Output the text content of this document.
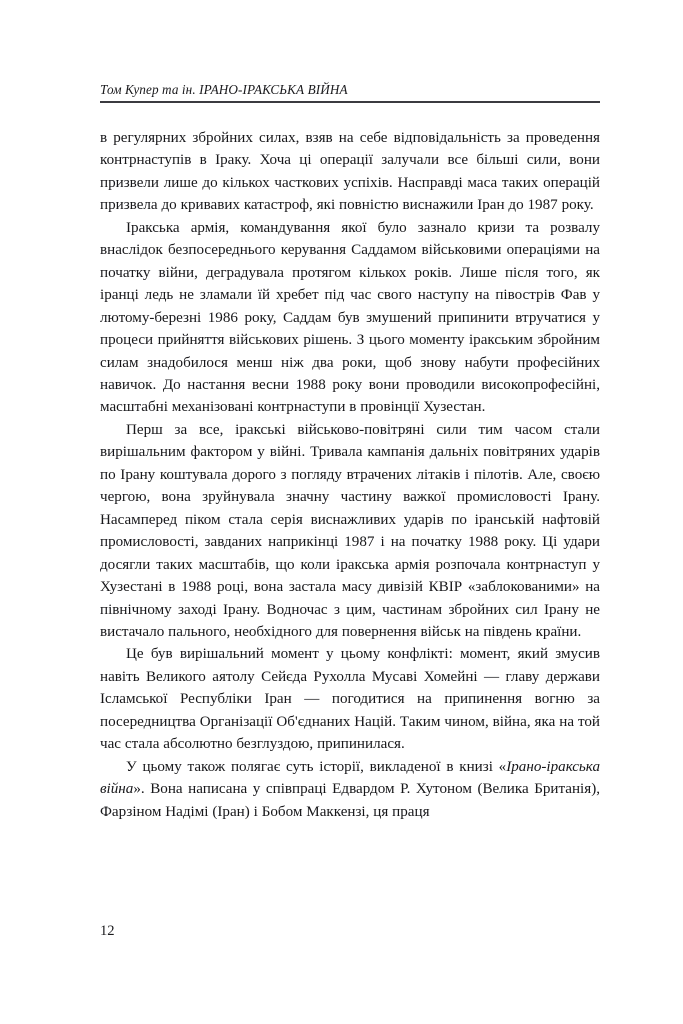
Том Купер та ін. ІРАНО-ІРАКСЬКА ВІЙНА

в регулярних збройних силах, взяв на себе відповідальність за проведення контрнаступів в Іраку. Хоча ці операції залучали все більші сили, вони призвели лише до кількох часткових успіхів. Насправді маса таких операцій призвела до кривавих катастроф, які повністю виснажили Іран до 1987 року.

Іракська армія, командування якої було зазнало кризи та розвалу внаслідок безпосереднього керування Саддамом військовими операціями на початку війни, деградувала протягом кількох років. Лише після того, як іранці ледь не зламали їй хребет під час свого наступу на півострів Фав у лютому-березні 1986 року, Саддам був змушений припинити втручатися у процеси прийняття військових рішень. З цього моменту іракським збройним силам знадобилося менш ніж два роки, щоб знову набути професійних навичок. До настання весни 1988 року вони проводили високопрофесійні, масштабні механізовані контрнаступи в провінції Хузестан.

Перш за все, іракські військово-повітряні сили тим часом стали вирішальним фактором у війні. Тривала кампанія дальніх повітряних ударів по Ірану коштувала дорого з погляду втрачених літаків і пілотів. Але, своєю чергою, вона зруйнувала значну частину важкої промисловості Ірану. Насамперед піком стала серія виснажливих ударів по іранській нафтовій промисловості, завданих наприкінці 1987 і на початку 1988 року. Ці удари досягли таких масштабів, що коли іракська армія розпочала контрнаступ у Хузестані в 1988 році, вона застала масу дивізій КВІР «заблокованими» на північному заході Ірану. Водночас з цим, частинам збройних сил Ірану не вистачало пального, необхідного для повернення військ на південь країни.

Це був вирішальний момент у цьому конфлікті: момент, який змусив навіть Великого аятолу Сейєда Рухолла Мусаві Хомейні — главу держави Ісламської Республіки Іран — погодитися на припинення вогню за посередництва Організації Об'єднаних Націй. Таким чином, війна, яка на той час стала абсолютно безглуздою, припинилася.

У цьому також полягає суть історії, викладеної в книзі «Ірано-іракська війна». Вона написана у співпраці Едвардом Р. Хутоном (Велика Британія), Фарзіном Надімі (Іран) і Бобом Маккензі, ця праця

12
